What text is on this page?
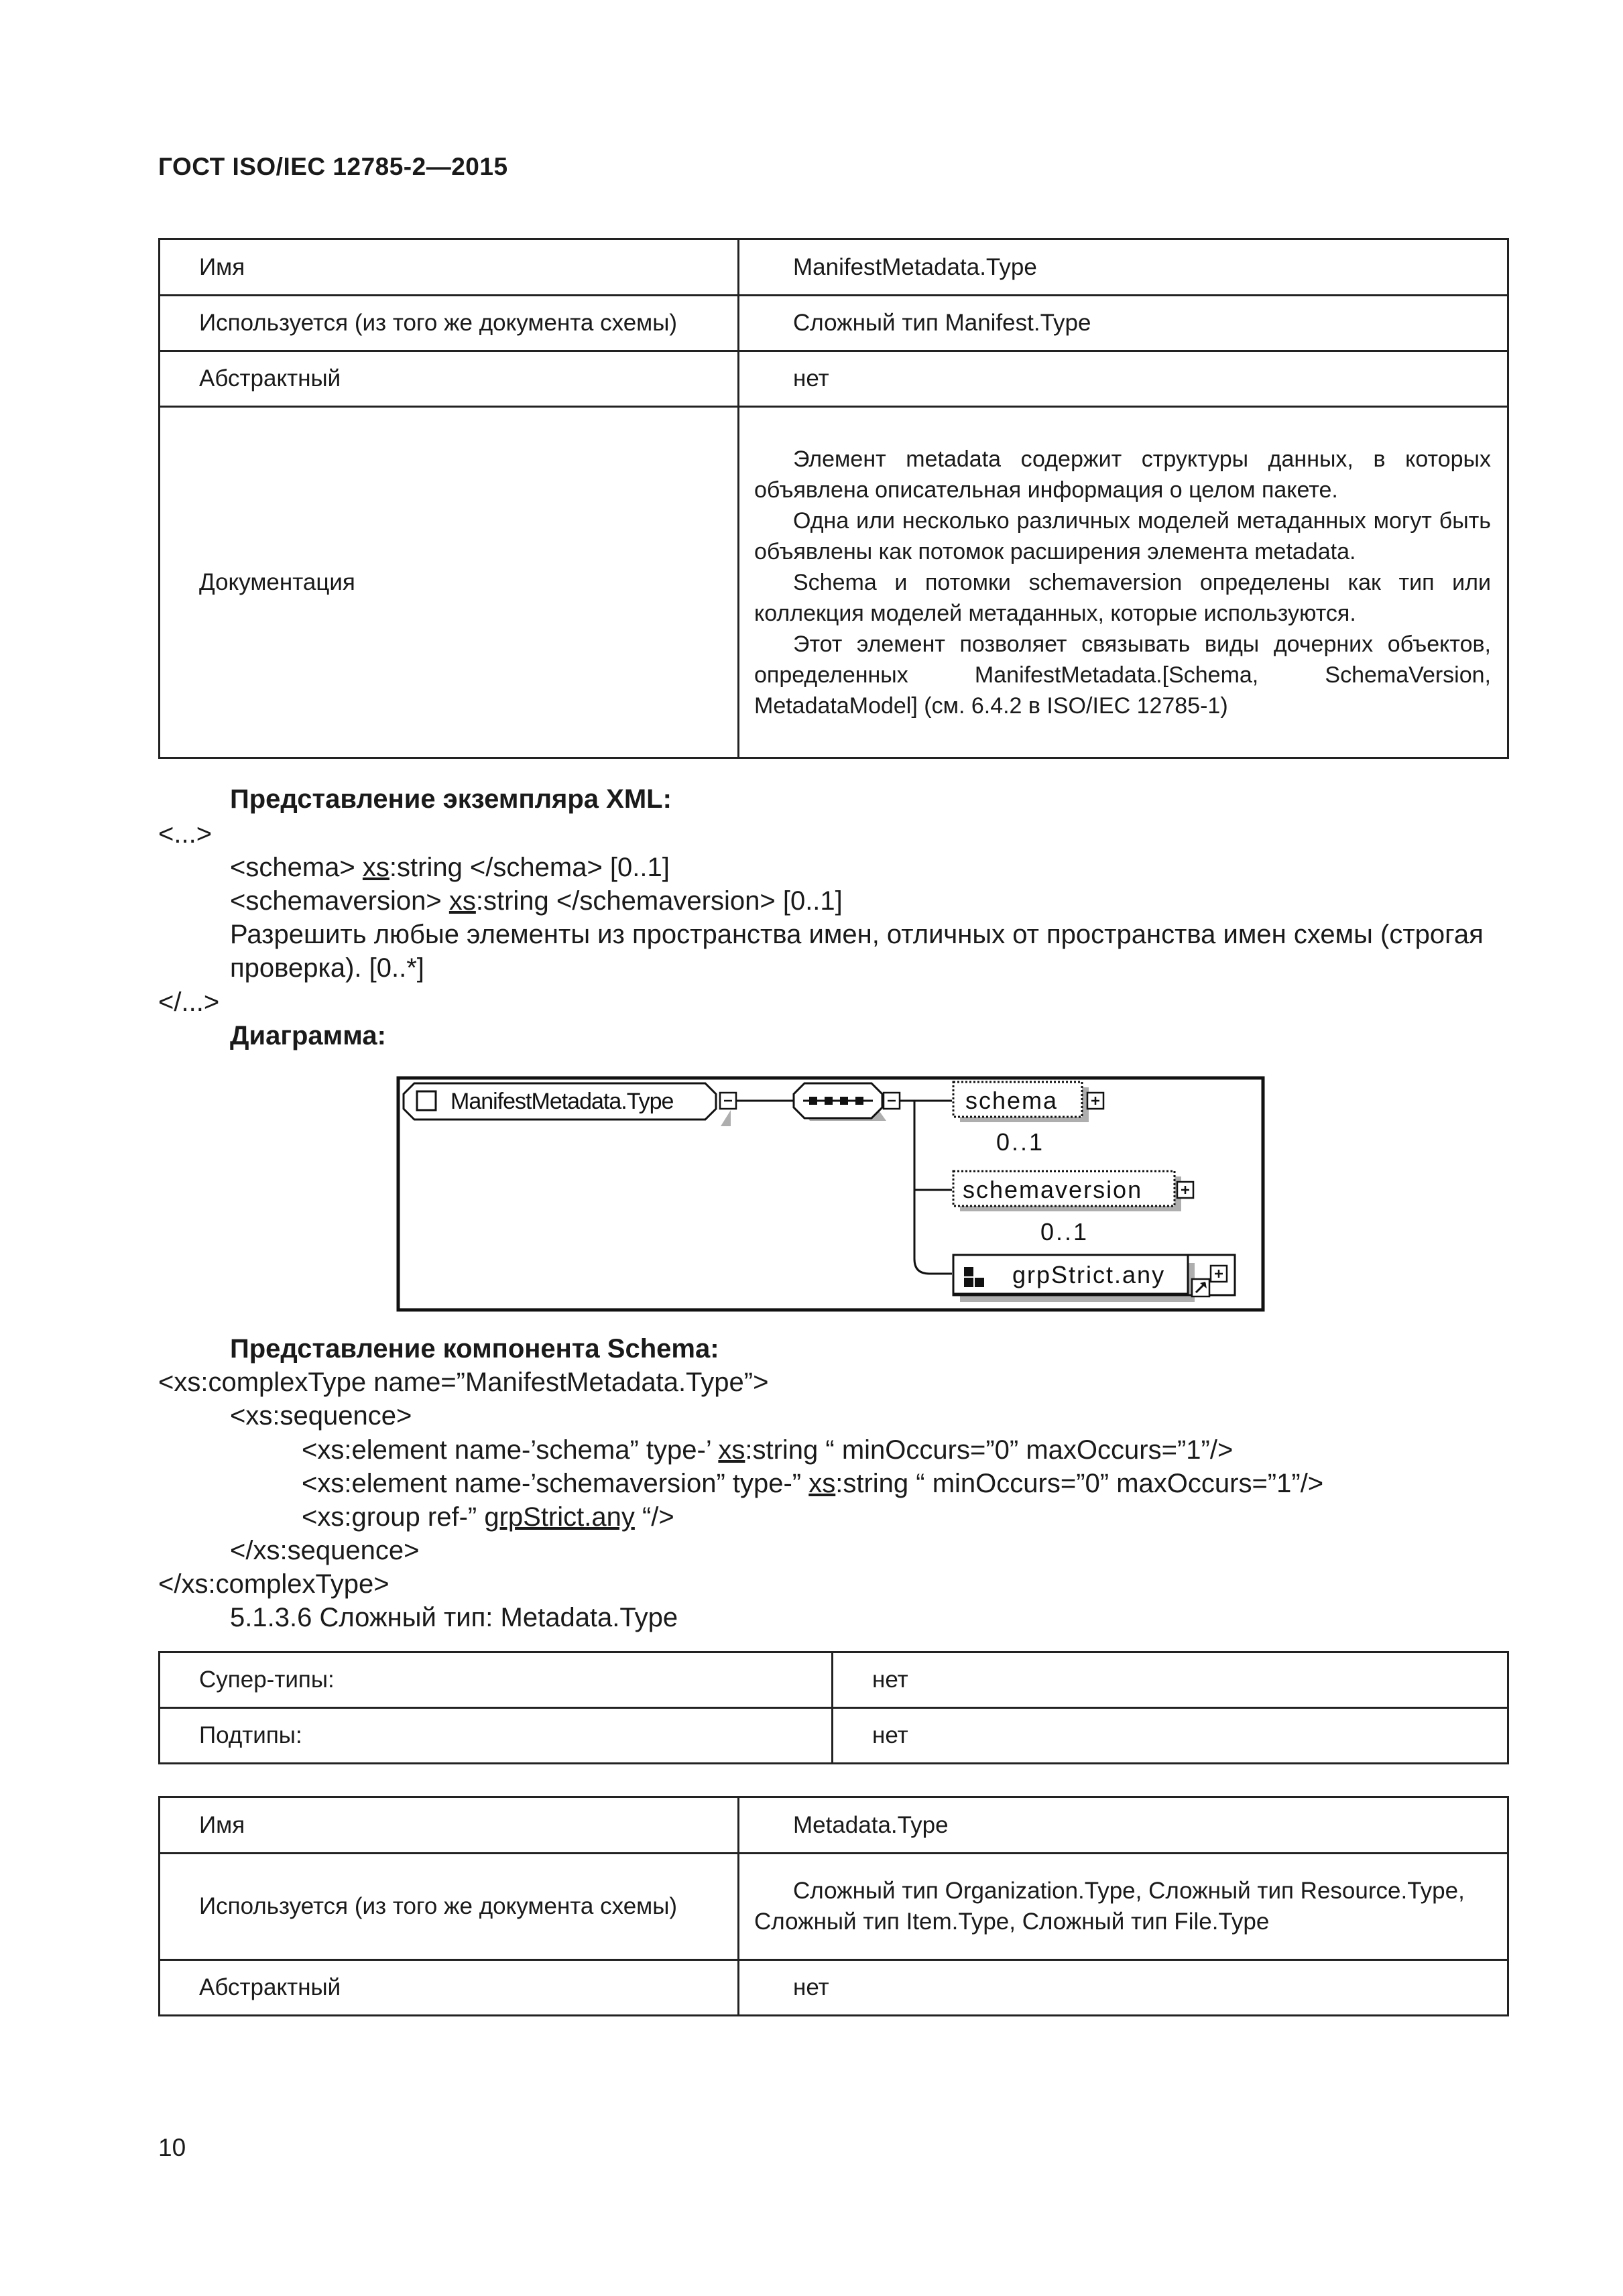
ГОСТ ISO/IEC 12785-2—2015
Имя	ManifestMetadata.Type
Используется (из того же документа схемы)	Сложный тип Manifest.Type
Абстрактный	нет
Документация	Элемент metadata содержит структуры данных, в которых объявлена описательная информация о целом пакете.

Одна или несколько различных моделей метаданных могут быть объявлены как потомок расширения элемента metadata.

Schema и потомки schemaversion определены как тип или коллекция моделей метаданных, которые используются.

Этот элемент позволяет связывать виды дочерних объектов, определенных ManifestMetadata.[Schema, SchemaVersion, MetadataModel] (см. 6.4.2 в ISO/IEC 12785-1)

Представление экземпляра XML:
<...>
<schema> xs:string </schema> [0..1]
<schemaversion> xs:string </schemaversion> [0..1]
Разрешить любые элементы из пространства имен, отличных от пространства имен схемы (строгая
проверка). [0..*]
</...>
Диаграмма:
ManifestMetadata.Type	schema
0..1
schemaversion
0..1
grpStrict.any
Представление компонента Schema:
<xs:complexType name=”ManifestMetadata.Type”>
<xs:sequence>
<xs:element name-’schema” type-’ xs:string “ minOccurs=”0” maxOccurs=”1”/>
<xs:element name-’schemaversion” type-” xs:string “ minOccurs=”0” maxOccurs=”1”/>
<xs:group ref-” grpStrict.any “/>
</xs:sequence>
</xs:complexType>
5.1.3.6 Сложный тип: Metadata.Type
Супер-типы:	нет
Подтипы:	нет
Имя	Metadata.Type
Используется (из того же документа схемы)	Сложный тип Organization.Type, Сложный тип Resource.Type,
Сложный тип Item.Type, Сложный тип File.Type

Абстрактный	нет
10
